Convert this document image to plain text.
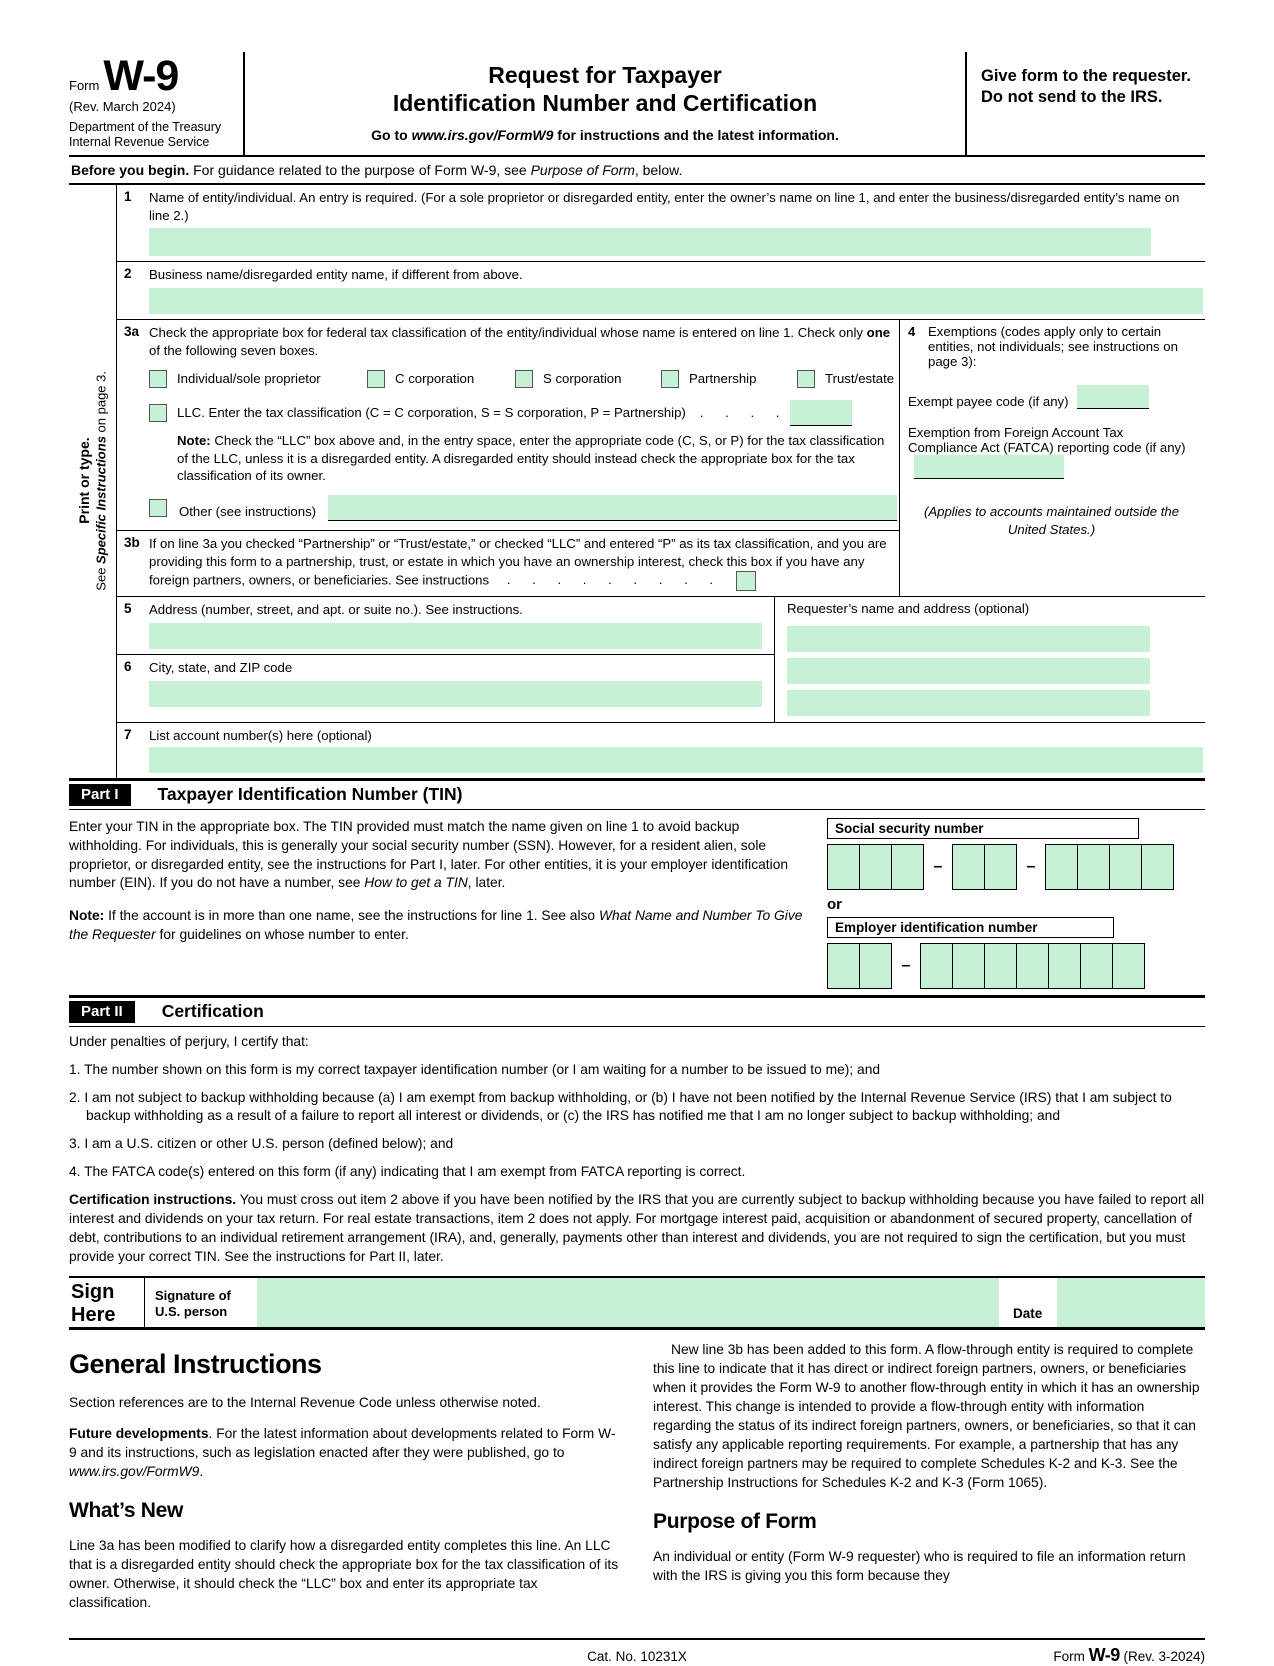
Form W-9
(Rev. March 2024)
Department of the Treasury
Internal Revenue Service
Request for Taxpayer
Identification Number and Certification
Go to www.irs.gov/FormW9 for instructions and the latest information.
Give form to the requester. Do not send to the IRS.
Before you begin. For guidance related to the purpose of Form W-9, see Purpose of Form, below.
Print or type.
See Specific Instructions on page 3.
1	Name of entity/individual. An entry is required. (For a sole proprietor or disregarded entity, enter the owner’s name on line 1, and enter the business/disregarded entity’s name on line 2.)
2	Business name/disregarded entity name, if different from above.
3a Check the appropriate box for federal tax classification of the entity/individual whose name is entered on line 1. Check only one of the following seven boxes.
Individual/sole proprietor	C corporation	S corporation	Partnership	Trust/estate
LLC. Enter the tax classification (C = C corporation, S = S corporation, P = Partnership) . . . .
Note: Check the “LLC” box above and, in the entry space, enter the appropriate code (C, S, or P) for the tax classification of the LLC, unless it is a disregarded entity. A disregarded entity should instead check the appropriate box for the tax classification of its owner.
Other (see instructions)
3b If on line 3a you checked “Partnership” or “Trust/estate,” or checked “LLC” and entered “P” as its tax classification, and you are providing this form to a partnership, trust, or estate in which you have an ownership interest, check this box if you have any foreign partners, owners, or beneficiaries. See instructions . . . . . . . . .
4 Exemptions (codes apply only to certain entities, not individuals; see instructions on page 3):
Exempt payee code (if any)
Exemption from Foreign Account Tax Compliance Act (FATCA) reporting code (if any)
(Applies to accounts maintained outside the United States.)
5	Address (number, street, and apt. or suite no.). See instructions.
6	City, state, and ZIP code
Requester’s name and address (optional)
7	List account number(s) here (optional)
Part I	Taxpayer Identification Number (TIN)

Enter your TIN in the appropriate box. The TIN provided must match the name given on line 1 to avoid backup withholding. For individuals, this is generally your social security number (SSN). However, for a resident alien, sole proprietor, or disregarded entity, see the instructions for Part I, later. For other entities, it is your employer identification number (EIN). If you do not have a number, see How to get a TIN, later.

Note: If the account is in more than one name, see the instructions for line 1. See also What Name and Number To Give the Requester for guidelines on whose number to enter.

Social security number
–	–
or
Employer identification number
–
Part II	Certification

Under penalties of perjury, I certify that:

1. The number shown on this form is my correct taxpayer identification number (or I am waiting for a number to be issued to me); and

2. I am not subject to backup withholding because (a) I am exempt from backup withholding, or (b) I have not been notified by the Internal Revenue Service (IRS) that I am subject to backup withholding as a result of a failure to report all interest or dividends, or (c) the IRS has notified me that I am no longer subject to backup withholding; and

3. I am a U.S. citizen or other U.S. person (defined below); and

4. The FATCA code(s) entered on this form (if any) indicating that I am exempt from FATCA reporting is correct.

Certification instructions. You must cross out item 2 above if you have been notified by the IRS that you are currently subject to backup withholding because you have failed to report all interest and dividends on your tax return. For real estate transactions, item 2 does not apply. For mortgage interest paid, acquisition or abandonment of secured property, cancellation of debt, contributions to an individual retirement arrangement (IRA), and, generally, payments other than interest and dividends, you are not required to sign the certification, but you must provide your correct TIN. See the instructions for Part II, later.

Sign Here
Signature of U.S. person	Date
General Instructions

Section references are to the Internal Revenue Code unless otherwise noted.

Future developments. For the latest information about developments related to Form W-9 and its instructions, such as legislation enacted after they were published, go to www.irs.gov/FormW9.

What’s New

Line 3a has been modified to clarify how a disregarded entity completes this line. An LLC that is a disregarded entity should check the appropriate box for the tax classification of its owner. Otherwise, it should check the “LLC” box and enter its appropriate tax classification.

New line 3b has been added to this form. A flow-through entity is required to complete this line to indicate that it has direct or indirect foreign partners, owners, or beneficiaries when it provides the Form W-9 to another flow-through entity in which it has an ownership interest. This change is intended to provide a flow-through entity with information regarding the status of its indirect foreign partners, owners, or beneficiaries, so that it can satisfy any applicable reporting requirements. For example, a partnership that has any indirect foreign partners may be required to complete Schedules K-2 and K-3. See the Partnership Instructions for Schedules K-2 and K-3 (Form 1065).

Purpose of Form

An individual or entity (Form W-9 requester) who is required to file an information return with the IRS is giving you this form because they

Cat. No. 10231X	Form W-9 (Rev. 3-2024)
